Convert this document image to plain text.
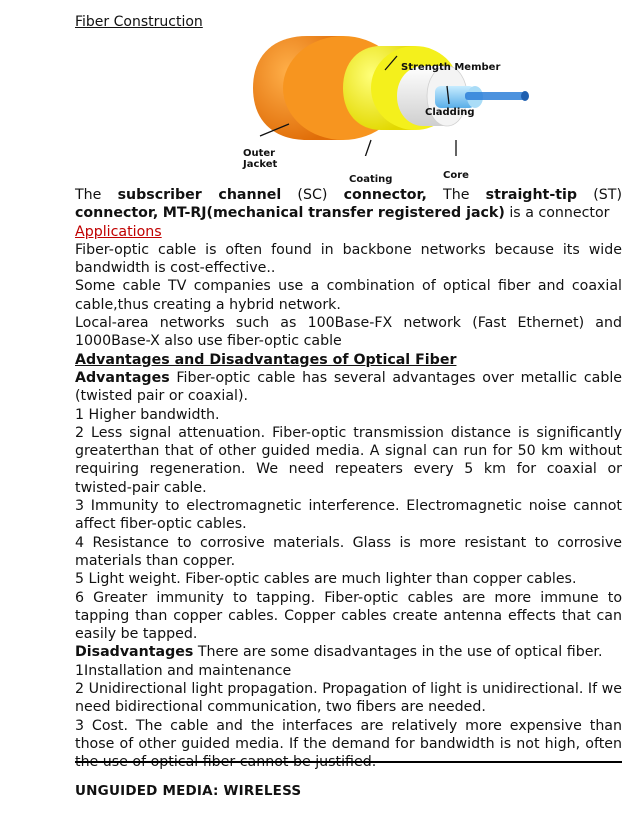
Fiber Construction

Strength Member
Cladding
Outer Jacket
Core
Coating

The subscriber channel (SC) connector, The straight-tip (ST) connector, MT-RJ(mechanical transfer registered jack) is a connector

Applications

Fiber-optic cable is often found in backbone networks because its wide bandwidth is cost-effective..

Some cable TV companies use a combination of optical fiber and coaxial cable,thus creating a hybrid network.

Local-area networks such as 100Base-FX network (Fast Ethernet) and 1000Base-X also use fiber-optic cable

Advantages and Disadvantages of Optical Fiber

Advantages Fiber-optic cable has several advantages over metallic cable (twisted pair or coaxial).

1 Higher bandwidth.

2 Less signal attenuation. Fiber-optic transmission distance is significantly greaterthan that of other guided media. A signal can run for 50 km without requiring regeneration. We need repeaters every 5 km for coaxial or twisted-pair cable.

3 Immunity to electromagnetic interference. Electromagnetic noise cannot affect fiber-optic cables.

4 Resistance to corrosive materials. Glass is more resistant to corrosive materials than copper.

5 Light weight. Fiber-optic cables are much lighter than copper cables.

6 Greater immunity to tapping. Fiber-optic cables are more immune to tapping than copper cables. Copper cables create antenna effects that can easily be tapped.

Disadvantages There are some disadvantages in the use of optical fiber.

1Installation and maintenance

2 Unidirectional light propagation. Propagation of light is unidirectional. If we need bidirectional communication, two fibers are needed.

3 Cost. The cable and the interfaces are relatively more expensive than those of other guided media. If the demand for bandwidth is not high, often the use of optical fiber cannot be justified.

UNGUIDED MEDIA: WIRELESS
